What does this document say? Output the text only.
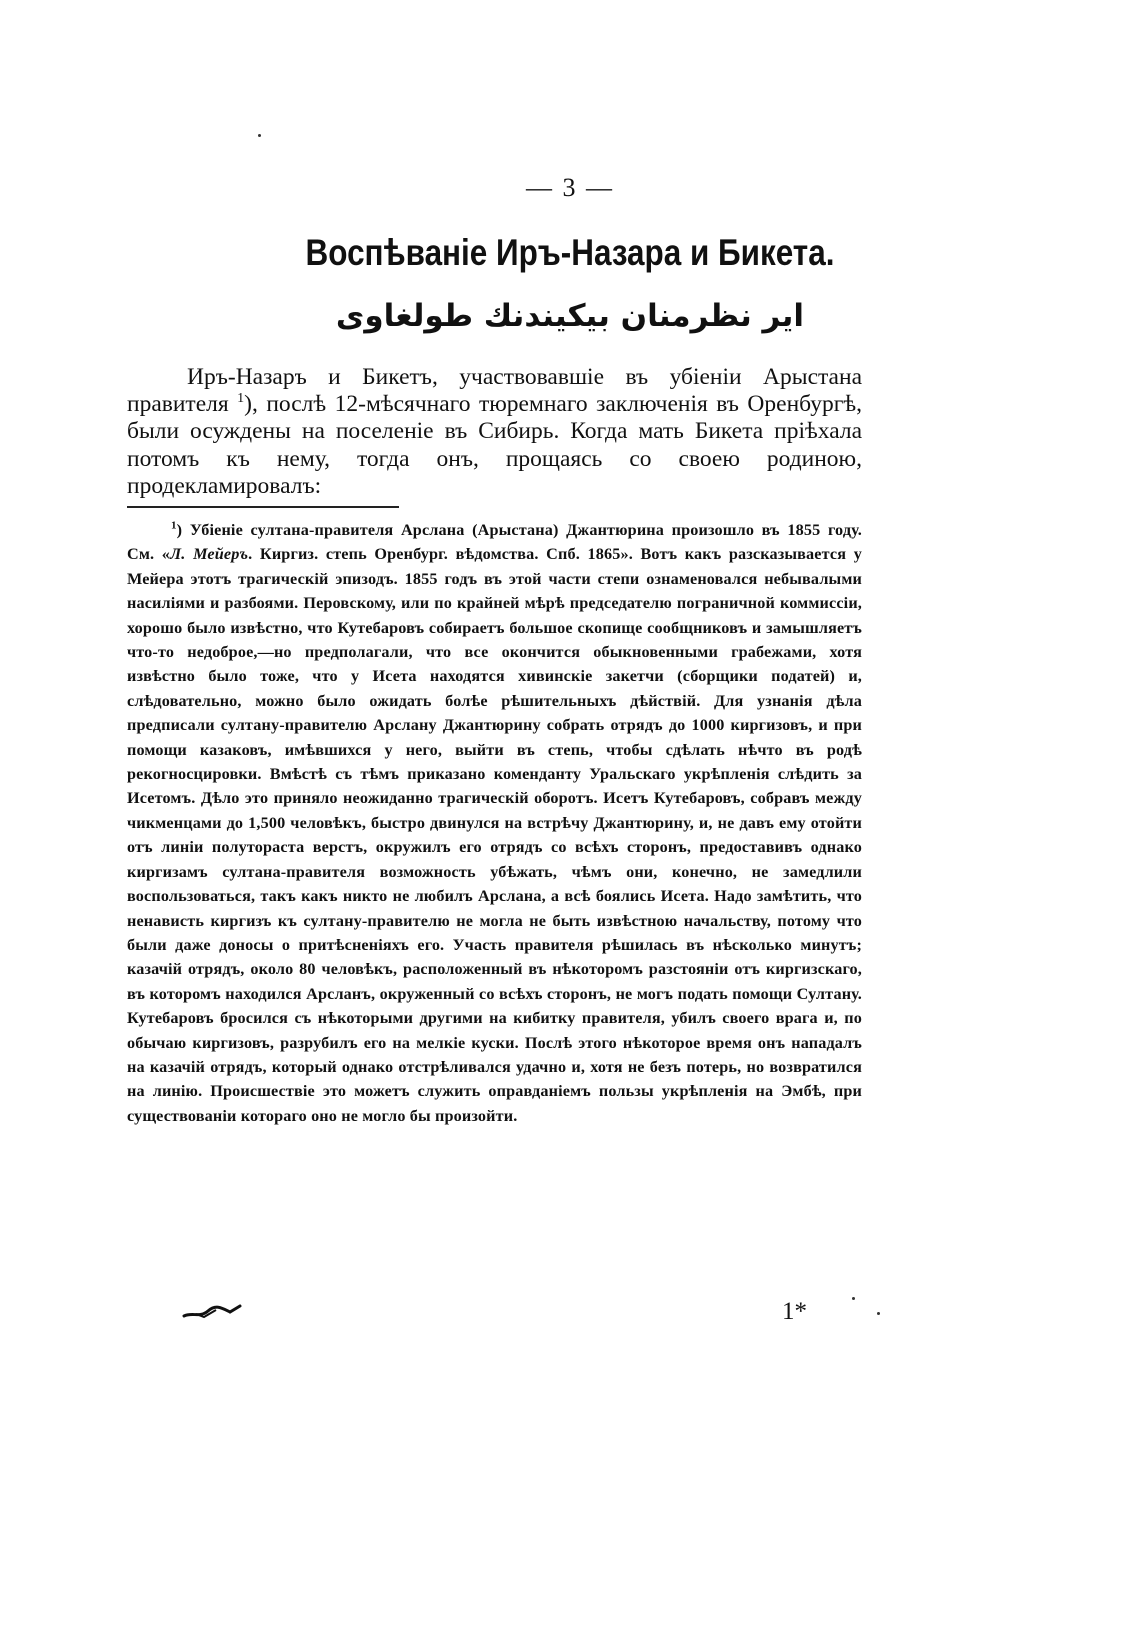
— 3 —
Воспѣваніе Иръ-Назара и Бикета.
ایر نظرمنان بیکیندنك طولغاوی

Иръ-Назаръ и Бикетъ, участвовавшіе въ убіеніи Арыстана правителя $^1$), послѣ 12-мѣсячнаго тюремнаго заключенія въ Оренбургѣ, были осуждены на поселеніе въ Сибирь. Когда мать Бикета пріѣхала потомъ къ нему, тогда онъ, прощаясь со своею родиною, продекламировалъ:

$^1$) Убіеніе султана-правителя Арслана (Арыстана) Джантюрина произошло въ 1855 году. См. «Л. Мейеръ. Киргиз. степь Оренбург. вѣдомства. Спб. 1865». Вотъ какъ разсказывается у Мейера этотъ трагическій эпизодъ. 1855 годъ въ этой части степи ознаменовался небывалыми насиліями и разбоями. Перовскому, или по крайней мѣрѣ председателю пограничной коммиссіи, хорошо было извѣстно, что Кутебаровъ собираетъ большое скопище сообщниковъ и замышляетъ что-то недоброе,—но предполагали, что все окончится обыкновенными грабежами, хотя извѣстно было тоже, что у Исета находятся хивинскіе закетчи (сборщики податей) и, слѣдовательно, можно было ожидать болѣе рѣшительныхъ дѣйствій. Для узнанія дѣла предписали султану-правителю Арслану Джантюрину собрать отрядъ до 1000 киргизовъ, и при помощи казаковъ, имѣвшихся у него, выйти въ степь, чтобы сдѣлать нѣчто въ родѣ рекогносцировки. Вмѣстѣ съ тѣмъ приказано коменданту Уральскаго укрѣпленія слѣдить за Исетомъ. Дѣло это приняло неожиданно трагическій оборотъ. Исетъ Кутебаровъ, собравъ между чикменцами до 1,500 человѣкъ, быстро двинулся на встрѣчу Джантюрину, и, не давъ ему отойти отъ линіи полутораста верстъ, окружилъ его отрядъ со всѣхъ сторонъ, предоставивъ однако киргизамъ султана-правителя возможность убѣжать, чѣмъ они, конечно, не замедлили воспользоваться, такъ какъ никто не любилъ Арслана, а всѣ боялись Исета. Надо замѣтить, что ненависть киргизъ къ султану-правителю не могла не быть извѣстною начальству, потому что были даже доносы о притѣсненіяхъ его. Участь правителя рѣшилась въ нѣсколько минутъ; казачій отрядъ, около 80 человѣкъ, расположенный въ нѣкоторомъ разстояніи отъ киргизскаго, въ которомъ находился Арсланъ, окруженный со всѣхъ сторонъ, не могъ подать помощи Султану. Кутебаровъ бросился съ нѣкоторыми другими на кибитку правителя, убилъ своего врага и, по обычаю киргизовъ, разрубилъ его на мелкіе куски. Послѣ этого нѣкоторое время онъ нападалъ на казачій отрядъ, который однако отстрѣливался удачно и, хотя не безъ потерь, но возвратился на линію. Происшествіе это можетъ служить оправданіемъ пользы укрѣпленія на Эмбѣ, при существованіи котораго оно не могло бы произойти.

1*
